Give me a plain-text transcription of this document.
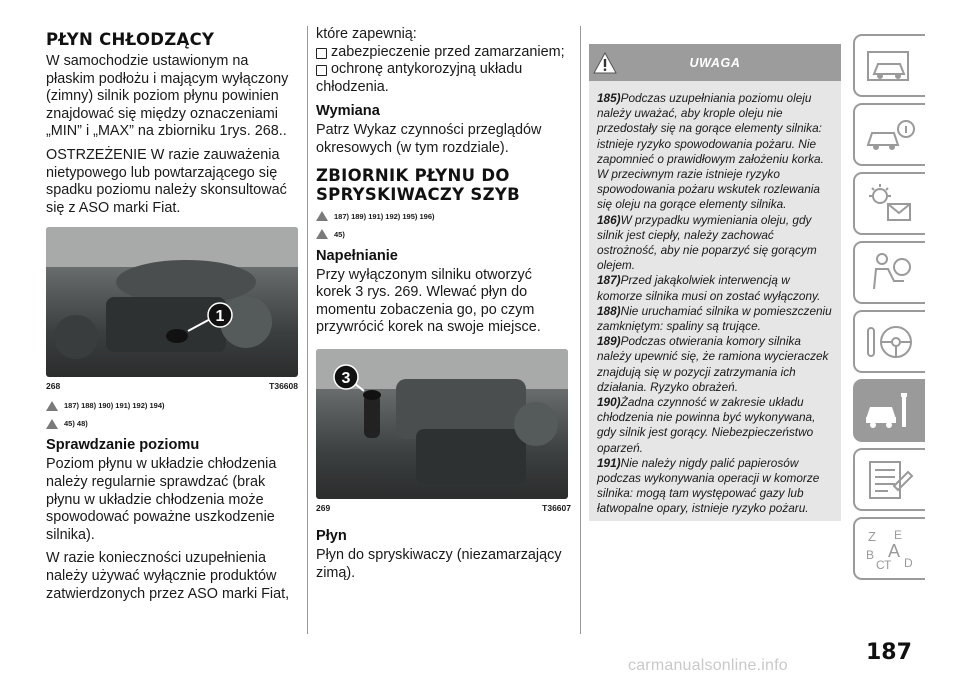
PŁYN CHŁODZĄCY

W samochodzie ustawionym na płaskim podłożu i mającym wyłączony (zimny) silnik poziom płynu powinien znajdować się między oznaczeniami „MIN” i „MAX” na zbiorniku 1rys. 268..

OSTRZEŻENIE W razie zauważenia nietypowego lub powtarzającego się spadku poziomu należy skonsultować się z ASO marki Fiat.

1
268	T36608
187) 188) 190) 191) 192) 194)
45) 48)
Sprawdzanie poziomu

Poziom płynu w układzie chłodzenia należy regularnie sprawdzać (brak płynu w układzie chłodzenia może spowodować poważne uszkodzenie silnika).

W razie konieczności uzupełnienia należy używać wyłącznie produktów zatwierdzonych przez ASO marki Fiat,

które zapewnią:

zabezpieczenie przed zamarzaniem;
ochronę antykorozyjną układu

chłodzenia.

Wymiana

Patrz Wykaz czynności przeglądów okresowych (w tym rozdziale).

ZBIORNIK PŁYNU DO SPRYSKIWACZY SZYB
187) 189) 191) 192) 195) 196)
45)
Napełnianie

Przy wyłączonym silniku otworzyć korek 3 rys. 269. Wlewać płyn do momentu zobaczenia go, po czym przywrócić korek na swoje miejsce.

3
269	T36607
Płyn

Płyn do spryskiwaczy (niezamarzający zimą).

UWAGA

185)Podczas uzupełniania poziomu oleju należy uważać, aby krople oleju nie przedostały się na gorące elementy silnika: istnieje ryzyko spowodowania pożaru. Nie zapomnieć o prawidłowym założeniu korka. W przeciwnym razie istnieje ryzyko spowodowania pożaru wskutek rozlewania się oleju na gorące elementy silnika.

186)W przypadku wymieniania oleju, gdy silnik jest ciepły, należy zachować ostrożność, aby nie poparzyć się gorącym olejem.

187)Przed jakąkolwiek interwencją w komorze silnika musi on zostać wyłączony.

188)Nie uruchamiać silnika w pomieszczeniu zamkniętym: spaliny są trujące.

189)Podczas otwierania komory silnika należy upewnić się, że ramiona wycieraczek znajdują się w pozycji zatrzymania ich działania. Ryzyko obrażeń.

190)Żadna czynność w zakresie układu chłodzenia nie powinna być wykonywana, gdy silnik jest gorący. Niebezpieczeństwo oparzeń.

191)Nie należy nigdy palić papierosów podczas wykonywania operacji w komorze silnika: mogą tam występować gazy lub łatwopalne opary, istnieje ryzyko pożaru.

Z E
A
B
C T D
187
carmanualsonline.info
